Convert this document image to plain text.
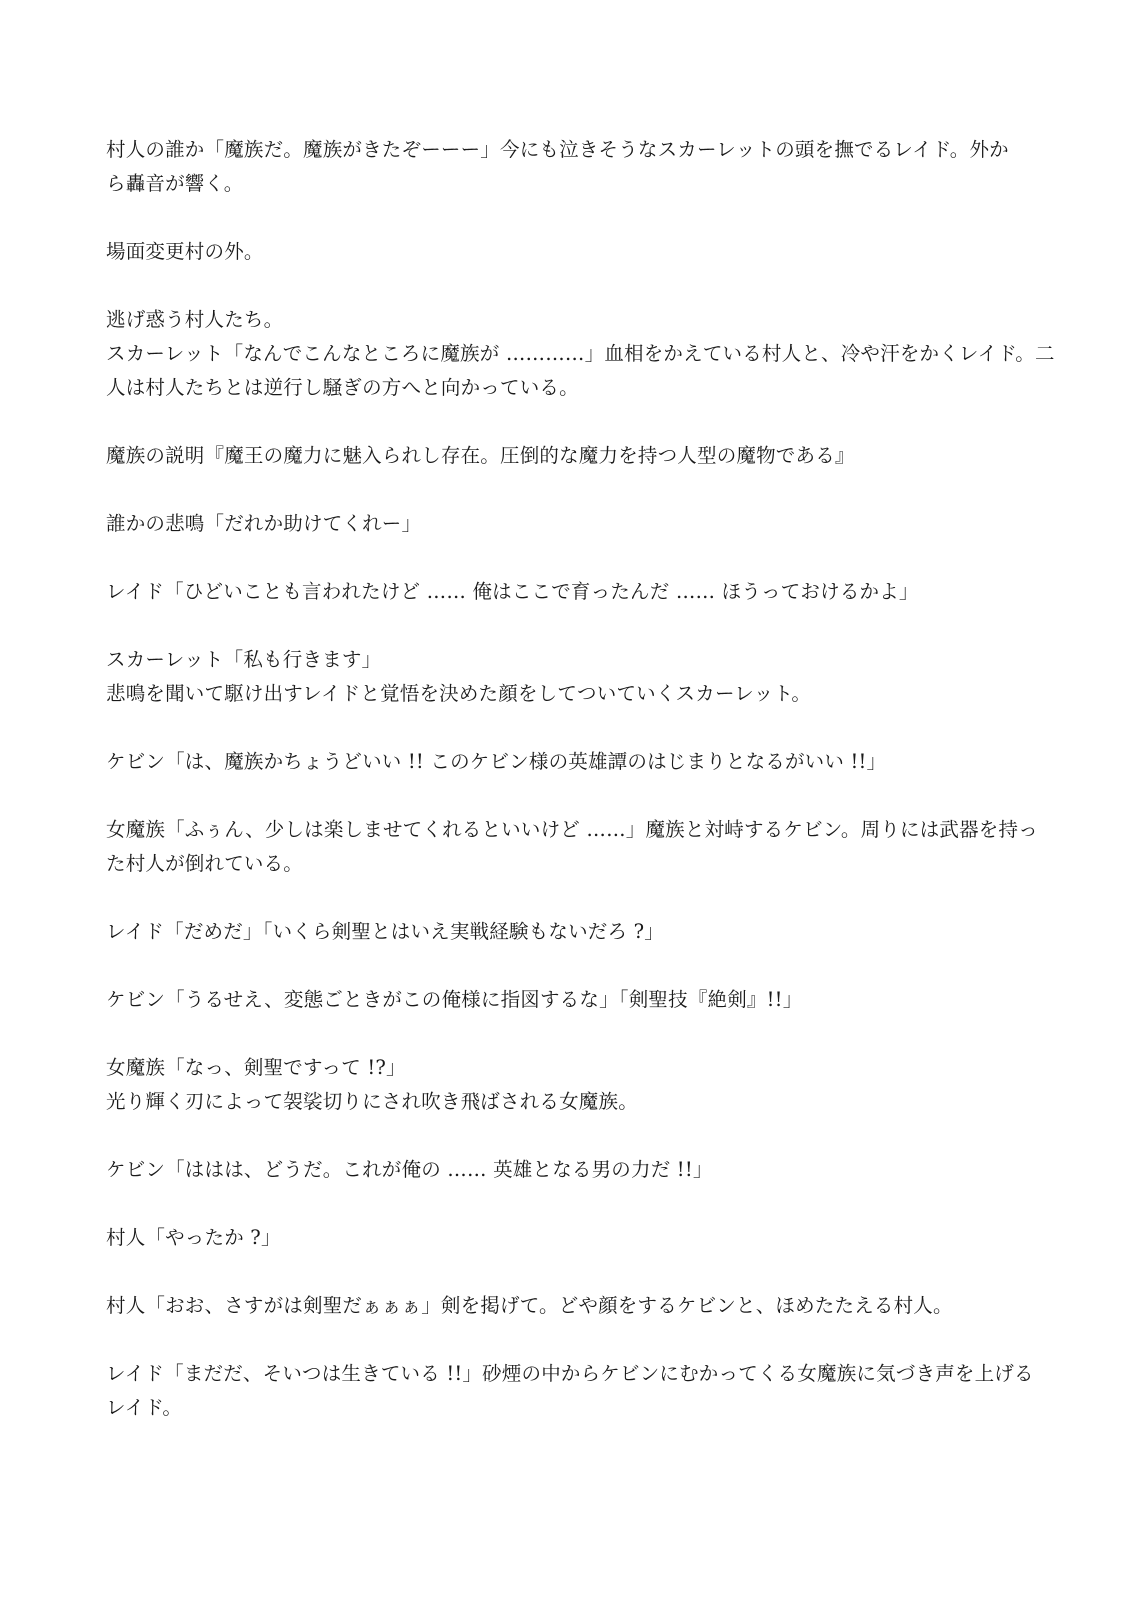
村人の誰か「魔族だ。魔族がきたぞーーー」今にも泣きそうなスカーレットの頭を撫でるレイド。外か

ら轟音が響く。

場面変更村の外。

逃げ惑う村人たち。

スカーレット「なんでこんなところに魔族が …………」血相をかえている村人と、冷や汗をかくレイド。二

人は村人たちとは逆行し騒ぎの方へと向かっている。

魔族の説明『魔王の魔力に魅入られし存在。圧倒的な魔力を持つ人型の魔物である』

誰かの悲鳴「だれか助けてくれー」

レイド「ひどいことも言われたけど …… 俺はここで育ったんだ …… ほうっておけるかよ」

スカーレット「私も行きます」

悲鳴を聞いて駆け出すレイドと覚悟を決めた顔をしてついていくスカーレット。

ケビン「は、魔族かちょうどいい !! このケビン様の英雄譚のはじまりとなるがいい !!」

女魔族「ふぅん、少しは楽しませてくれるといいけど ……」魔族と対峙するケビン。周りには武器を持っ

た村人が倒れている。

レイド「だめだ」「いくら剣聖とはいえ実戦経験もないだろ ?」

ケビン「うるせえ、変態ごときがこの俺様に指図するな」「剣聖技『絶剣』!!」

女魔族「なっ、剣聖ですって !?」

光り輝く刃によって袈裟切りにされ吹き飛ばされる女魔族。

ケビン「ははは、どうだ。これが俺の …… 英雄となる男の力だ !!」

村人「やったか ?」

村人「おお、さすがは剣聖だぁぁぁ」剣を掲げて。どや顔をするケビンと、ほめたたえる村人。

レイド「まだだ、そいつは生きている !!」砂煙の中からケビンにむかってくる女魔族に気づき声を上げる

レイド。
